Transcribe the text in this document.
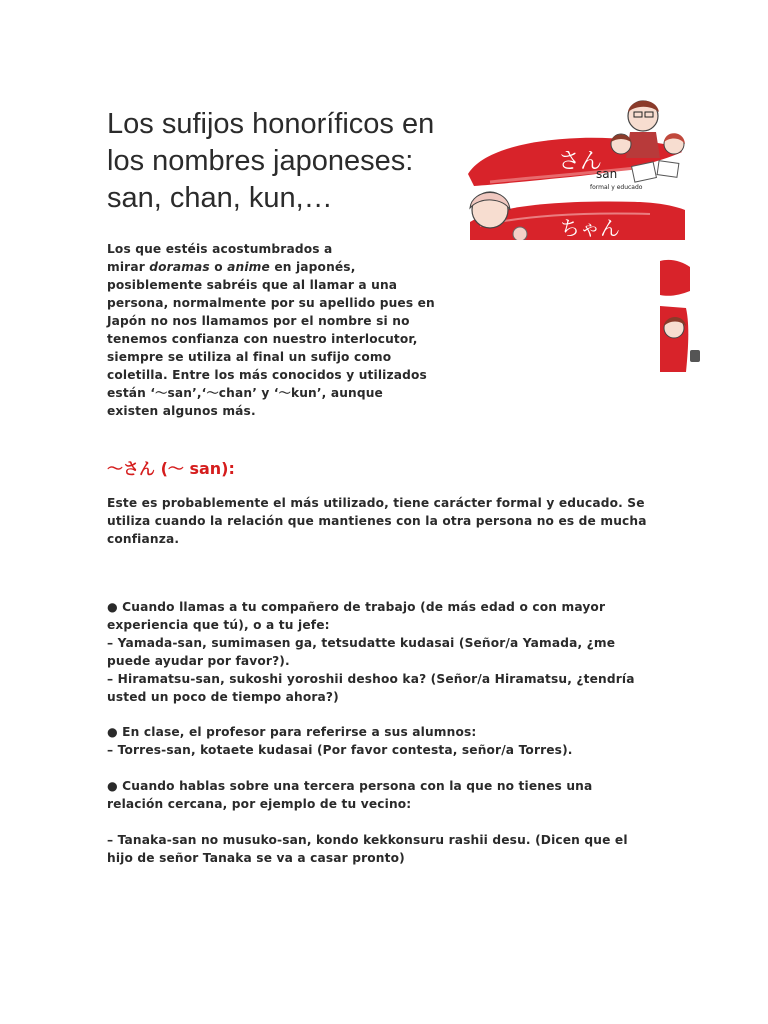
Los sufijos honoríficos en
los nombres japoneses:
san, chan, kun,…
さん
san
formal y educado
ちゃん
Los que estéis acostumbrados a
mirar doramas o anime en japonés,
posiblemente sabréis que al llamar a una
persona, normalmente por su apellido pues en
Japón no nos llamamos por el nombre si no
tenemos confianza con nuestro interlocutor,
siempre se utiliza al final un sufijo como
coletilla. Entre los más conocidos y utilizados
están ‘～san’,‘～chan’ y ‘～kun’, aunque
existen algunos más.
～さん (～ san):
Este es probablemente el más utilizado, tiene carácter formal y educado. Se
utiliza cuando la relación que mantienes con la otra persona no es de mucha
confianza.
● Cuando llamas a tu compañero de trabajo (de más edad o con mayor
experiencia que tú), o a tu jefe:
– Yamada-san, sumimasen ga, tetsudatte kudasai (Señor/a Yamada, ¿me
puede ayudar por favor?).
– Hiramatsu-san, sukoshi yoroshii deshoo ka? (Señor/a Hiramatsu, ¿tendría
usted un poco de tiempo ahora?)
● En clase, el profesor para referirse a sus alumnos:
– Torres-san, kotaete kudasai (Por favor contesta, señor/a Torres).
● Cuando hablas sobre una tercera persona con la que no tienes una
relación cercana, por ejemplo de tu vecino:
– Tanaka-san no musuko-san, kondo kekkonsuru rashii desu. (Dicen que el
hijo de señor Tanaka se va a casar pronto)
